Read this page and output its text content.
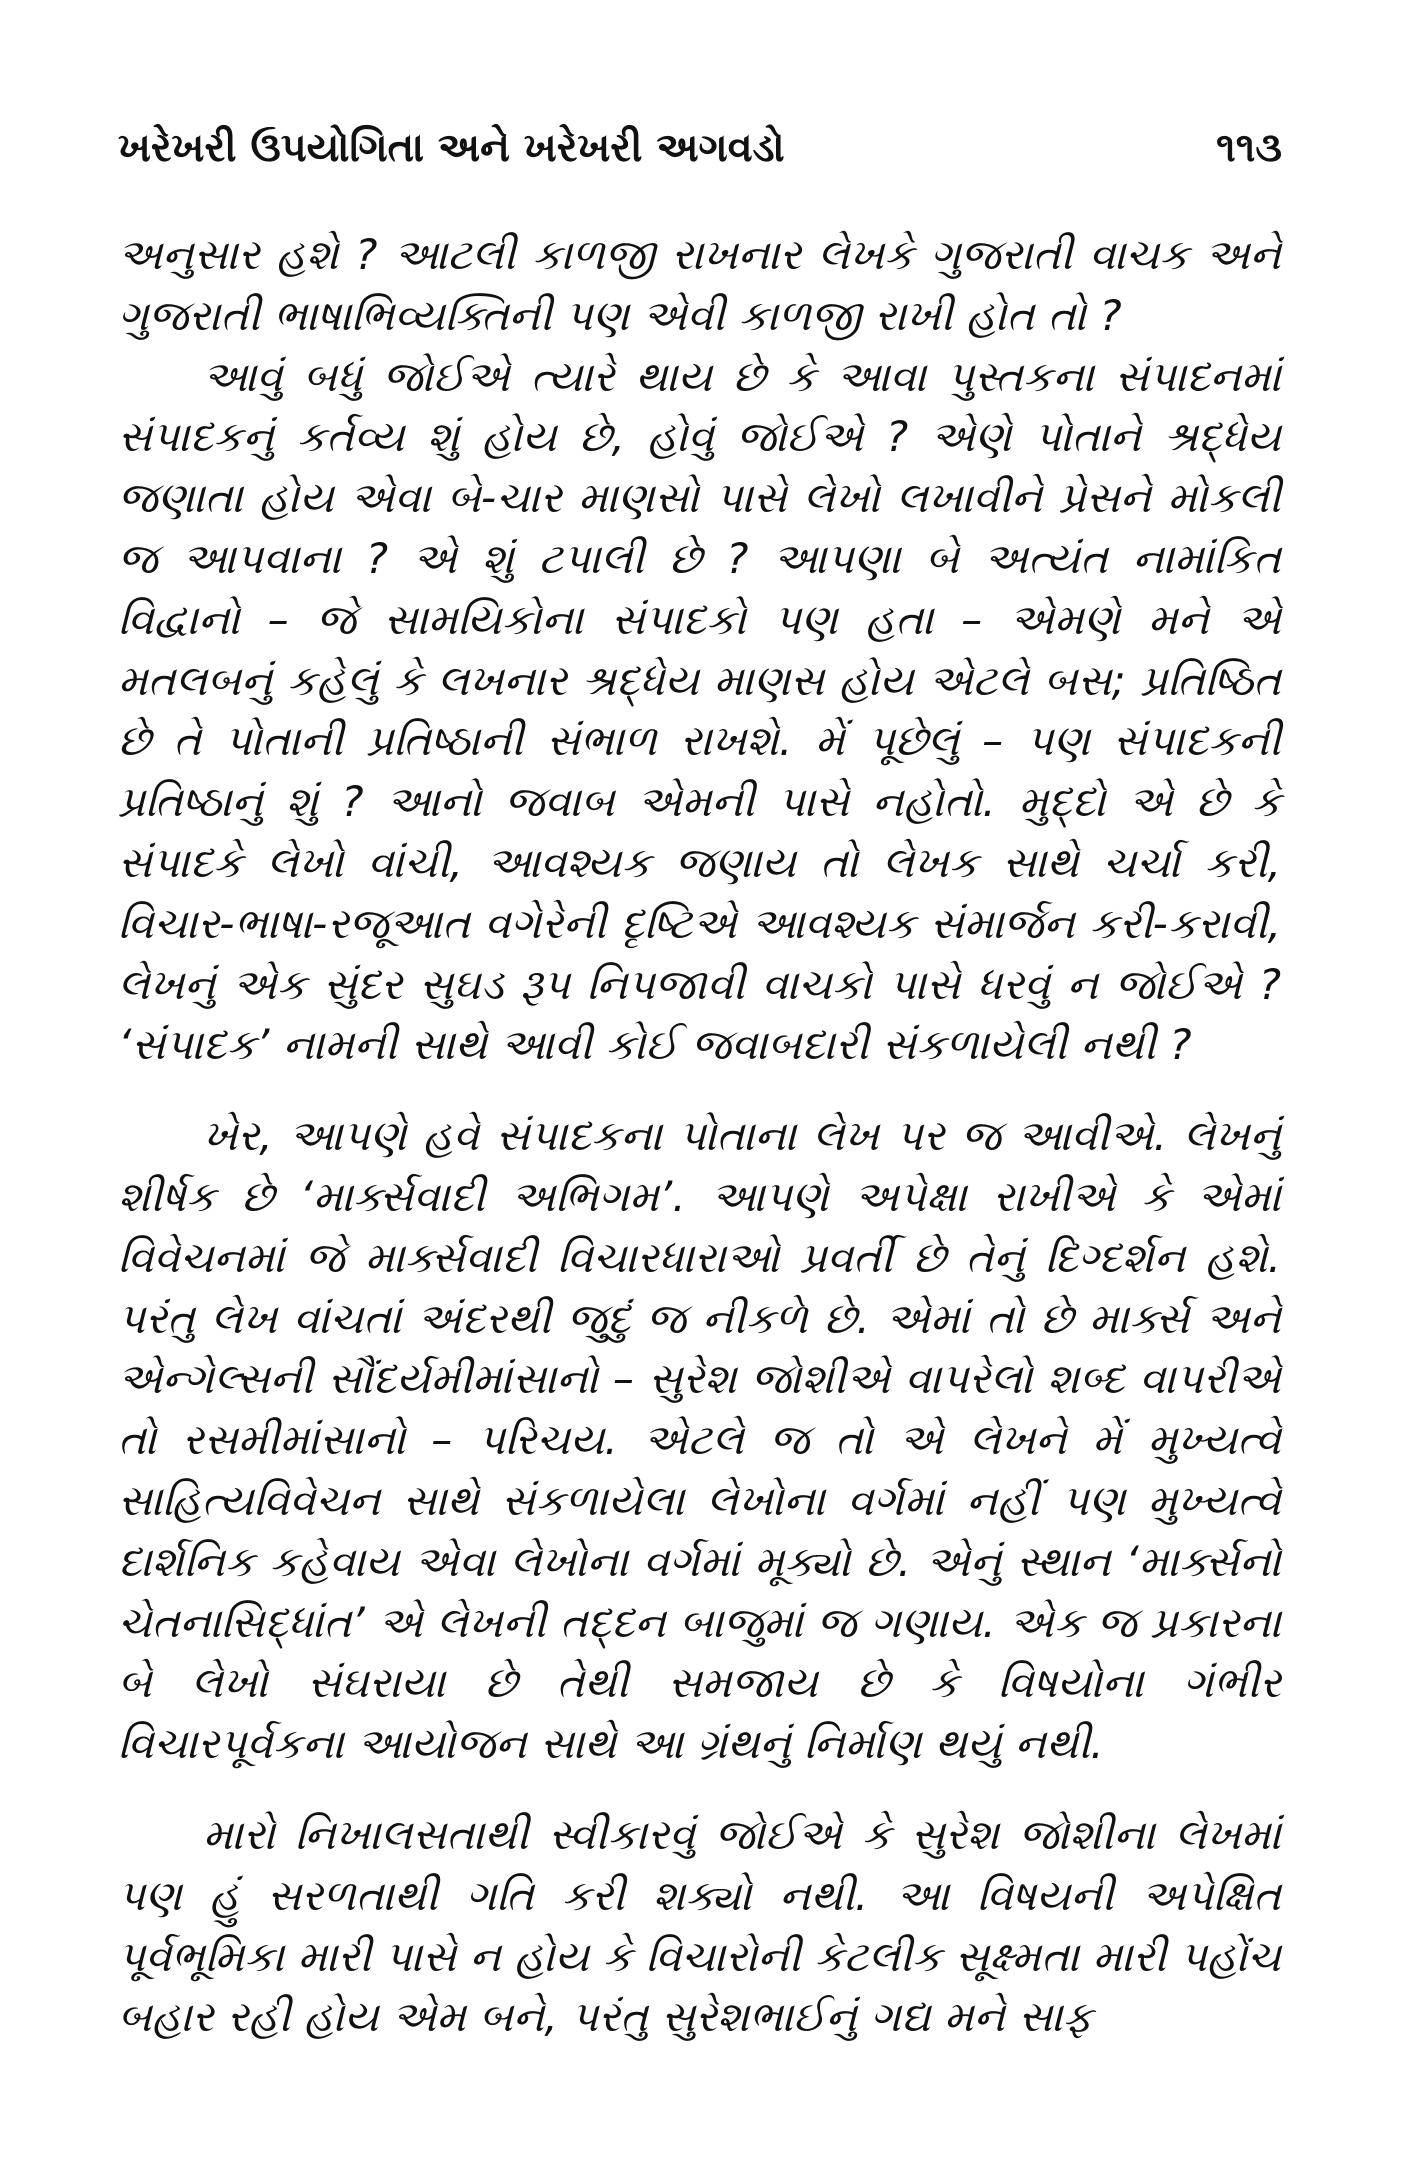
ખરેખરી ઉપયોગિતા અને ખરેખરી અગવડો	૧૧૩

અનુસાર હશે ? આટલી કાળજી રાખનાર લેખકે ગુજરાતી વાચક અને ગુજરાતી ભાષાભિવ્યક્તિની પણ એવી કાળજી રાખી હોત તો ?

આવું બધું જોઈએ ત્યારે થાય છે કે આવા પુસ્તકના સંપાદનમાં સંપાદકનું કર્તવ્ય શું હોય છે, હોવું જોઈએ ? એણે પોતાને શ્રદ્ધેય જણાતા હોય એવા બે-ચાર માણસો પાસે લેખો લખાવીને પ્રેસને મોકલી જ આપવાના ? એ શું ટપાલી છે ? આપણા બે અત્યંત નામાંકિત વિદ્વાનો – જે સામયિકોના સંપાદકો પણ હતા – એમણે મને એ મતલબનું કહેલું કે લખનાર શ્રદ્ધેય માણસ હોય એટલે બસ; પ્રતિષ્ઠિત છે તે પોતાની પ્રતિષ્ઠાની સંભાળ રાખશે. મેં પૂછેલું – પણ સંપાદકની પ્રતિષ્ઠાનું શું ? આનો જવાબ એમની પાસે નહોતો. મુદ્દો એ છે કે સંપાદકે લેખો વાંચી, આવશ્યક જણાય તો લેખક સાથે ચર્ચા કરી, વિચાર-ભાષા-રજૂઆત વગેરેની દૃષ્ટિએ આવશ્યક સંમાર્જન કરી-કરાવી, લેખનું એક સુંદર સુઘડ રૂપ નિપજાવી વાચકો પાસે ધરવું ન જોઈએ ? ‘સંપાદક’ નામની સાથે આવી કોઈ જવાબદારી સંકળાયેલી નથી ?

ખેર, આપણે હવે સંપાદકના પોતાના લેખ પર જ આવીએ. લેખનું શીર્ષક છે ‘માર્ક્સવાદી અભિગમ’. આપણે અપેક્ષા રાખીએ કે એમાં વિવેચનમાં જે માર્ક્સવાદી વિચારધારાઓ પ્રવર્તી છે તેનું દિગ્દર્શન હશે. પરંતુ લેખ વાંચતાં અંદરથી જુદું જ નીકળે છે. એમાં તો છે માર્ક્સ અને એન્ગેલ્સની સૌંદર્યમીમાંસાનો – સુરેશ જોશીએ વાપરેલો શબ્દ વાપરીએ તો રસમીમાંસાનો – પરિચય. એટલે જ તો એ લેખને મેં મુખ્યત્વે સાહિત્યવિવેચન સાથે સંકળાયેલા લેખોના વર્ગમાં નહીં પણ મુખ્યત્વે દાર્શનિક કહેવાય એવા લેખોના વર્ગમાં મૂક્યો છે. એનું સ્થાન ‘માર્ક્સનો ચેતનાસિદ્ધાંત’ એ લેખની તદ્દન બાજુમાં જ ગણાય. એક જ પ્રકારના બે લેખો સંઘરાયા છે તેથી સમજાય છે કે વિષયોના ગંભીર વિચારપૂર્વકના આયોજન સાથે આ ગ્રંથનું નિર્માણ થયું નથી.

મારો નિખાલસતાથી સ્વીકારવું જોઈએ કે સુરેશ જોશીના લેખમાં પણ હું સરળતાથી ગતિ કરી શક્યો નથી. આ વિષયની અપેક્ષિત પૂર્વભૂમિકા મારી પાસે ન હોય કે વિચારોની કેટલીક સૂક્ષ્મતા મારી પહોંચ બહાર રહી હોય એમ બને, પરંતુ સુરેશભાઈનું ગદ્ય મને સાફ
